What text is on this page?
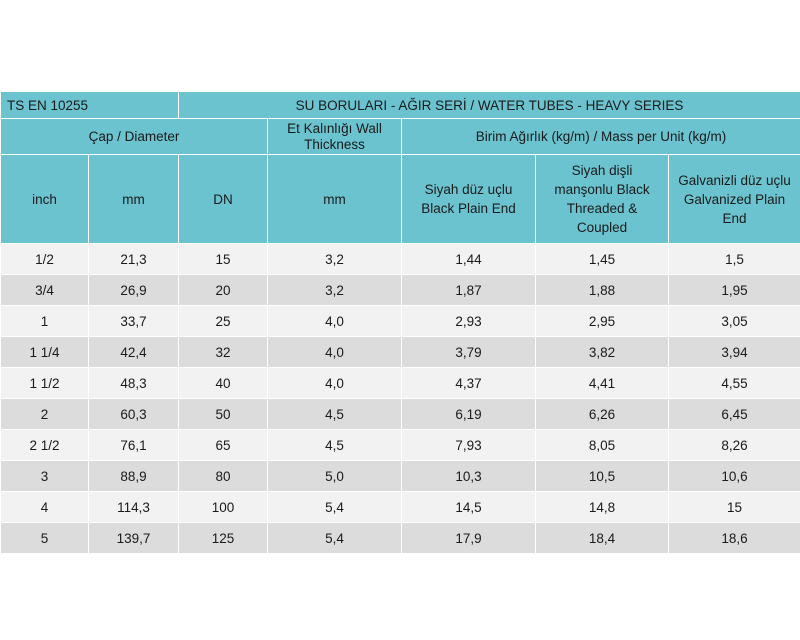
TS EN 10255		SU BORULARI - AĞIR SERİ / WATER TUBES - HEAVY SERIES				
Çap / Diameter			Et Kalınlığı Wall Thickness	Birim Ağırlık (kg/m) / Mass per Unit (kg/m)		
inch	mm	DN	mm	Siyah düz uçlu Black Plain End	Siyah dişli manşonlu Black Threaded & Coupled	Galvanizli düz uçlu Galvanized Plain End
1/2	21,3	15	3,2	1,44	1,45	1,5
3/4	26,9	20	3,2	1,87	1,88	1,95
1	33,7	25	4,0	2,93	2,95	3,05
1 1/4	42,4	32	4,0	3,79	3,82	3,94
1 1/2	48,3	40	4,0	4,37	4,41	4,55
2	60,3	50	4,5	6,19	6,26	6,45
2 1/2	76,1	65	4,5	7,93	8,05	8,26
3	88,9	80	5,0	10,3	10,5	10,6
4	114,3	100	5,4	14,5	14,8	15
5	139,7	125	5,4	17,9	18,4	18,6
